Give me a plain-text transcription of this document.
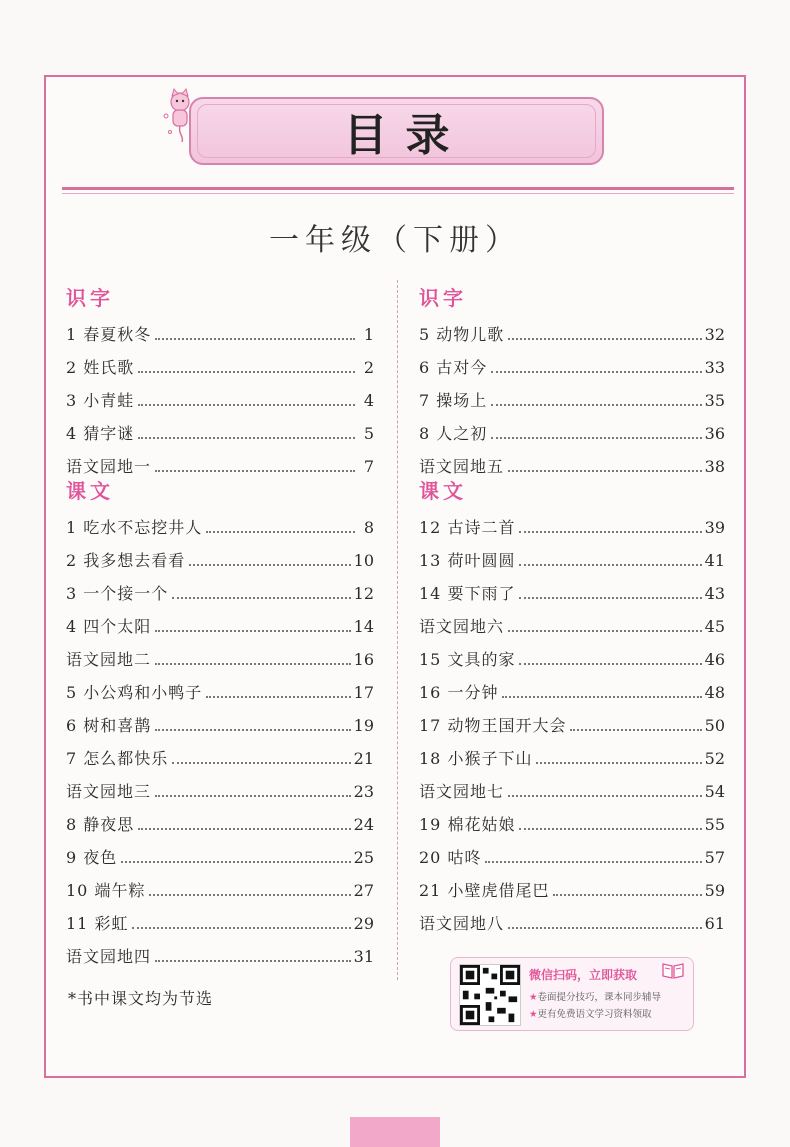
目录
一年级（下册）
识字
1 春夏秋冬	1
2 姓氏歌	2
3 小青蛙	4
4 猜字谜	5
语文园地一	7
课文
1 吃水不忘挖井人	8
2 我多想去看看	10
3 一个接一个	12
4 四个太阳	14
语文园地二	16
5 小公鸡和小鸭子	17
6 树和喜鹊	19
7 怎么都快乐	21
语文园地三	23
8 静夜思	24
9 夜色	25
10 端午粽	27
11 彩虹	29
语文园地四	31
识字
5 动物儿歌	32
6 古对今	33
7 操场上	35
8 人之初	36
语文园地五	38
课文
12 古诗二首	39
13 荷叶圆圆	41
14 要下雨了	43
语文园地六	45
15 文具的家	46
16 一分钟	48
17 动物王国开大会	50
18 小猴子下山	52
语文园地七	54
19 棉花姑娘	55
20 咕咚	57
21 小壁虎借尾巴	59
语文园地八	61
*书中课文均为节选
微信扫码，立即获取
★卷面提分技巧，课本同步辅导
★更有免费语文学习资料领取
